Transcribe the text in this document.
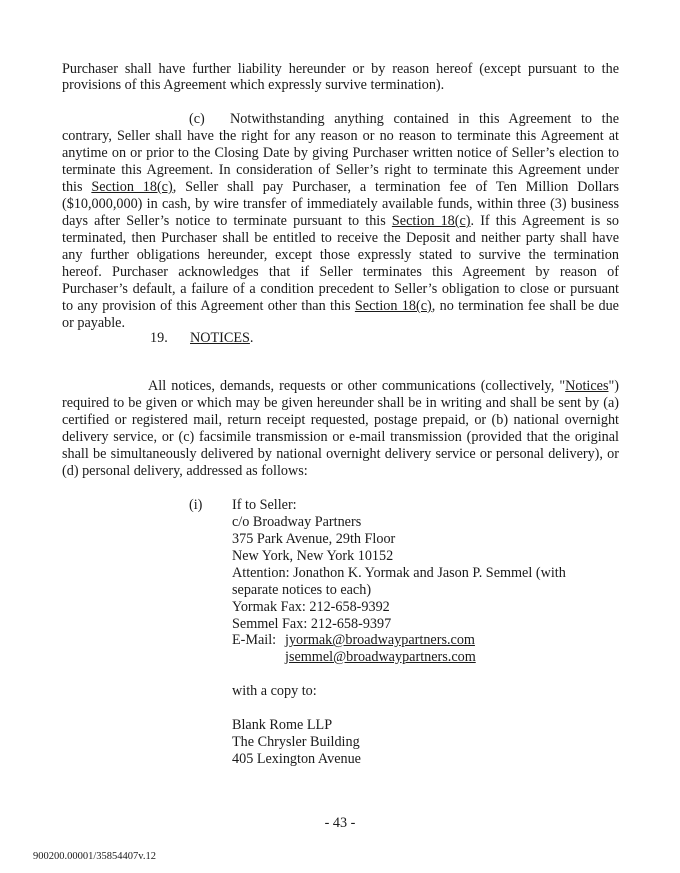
Purchaser shall have further liability hereunder or by reason hereof (except pursuant to the
provisions of this Agreement which expressly survive termination).
(c) Notwithstanding anything contained in this Agreement to the
contrary, Seller shall have the right for any reason or no reason to terminate this Agreement at
anytime on or prior to the Closing Date by giving Purchaser written notice of Seller’s election to
terminate this Agreement. In consideration of Seller’s right to terminate this Agreement under
this Section 18(c), Seller shall pay Purchaser, a termination fee of Ten Million Dollars
($10,000,000) in cash, by wire transfer of immediately available funds, within three (3) business
days after Seller’s notice to terminate pursuant to this Section 18(c). If this Agreement is so
terminated, then Purchaser shall be entitled to receive the Deposit and neither party shall have
any further obligations hereunder, except those expressly stated to survive the termination
hereof. Purchaser acknowledges that if Seller terminates this Agreement by reason of
Purchaser’s default, a failure of a condition precedent to Seller’s obligation to close or pursuant
to any provision of this Agreement other than this Section 18(c), no termination fee shall be due
or payable.
19. NOTICES.
All notices, demands, requests or other communications (collectively, "Notices")
required to be given or which may be given hereunder shall be in writing and shall be sent by (a)
certified or registered mail, return receipt requested, postage prepaid, or (b) national overnight
delivery service, or (c) facsimile transmission or e-mail transmission (provided that the original
shall be simultaneously delivered by national overnight delivery service or personal delivery), or
(d) personal delivery, addressed as follows:
(i) If to Seller:
c/o Broadway Partners
375 Park Avenue, 29th Floor
New York, New York 10152
Attention: Jonathon K. Yormak and Jason P. Semmel (with
separate notices to each)
Yormak Fax: 212-658-9392
Semmel Fax: 212-658-9397
E-Mail: jyormak@broadwaypartners.com
jsemmel@broadwaypartners.com
with a copy to:
Blank Rome LLP
The Chrysler Building
405 Lexington Avenue
- 43 -
900200.00001/35854407v.12
